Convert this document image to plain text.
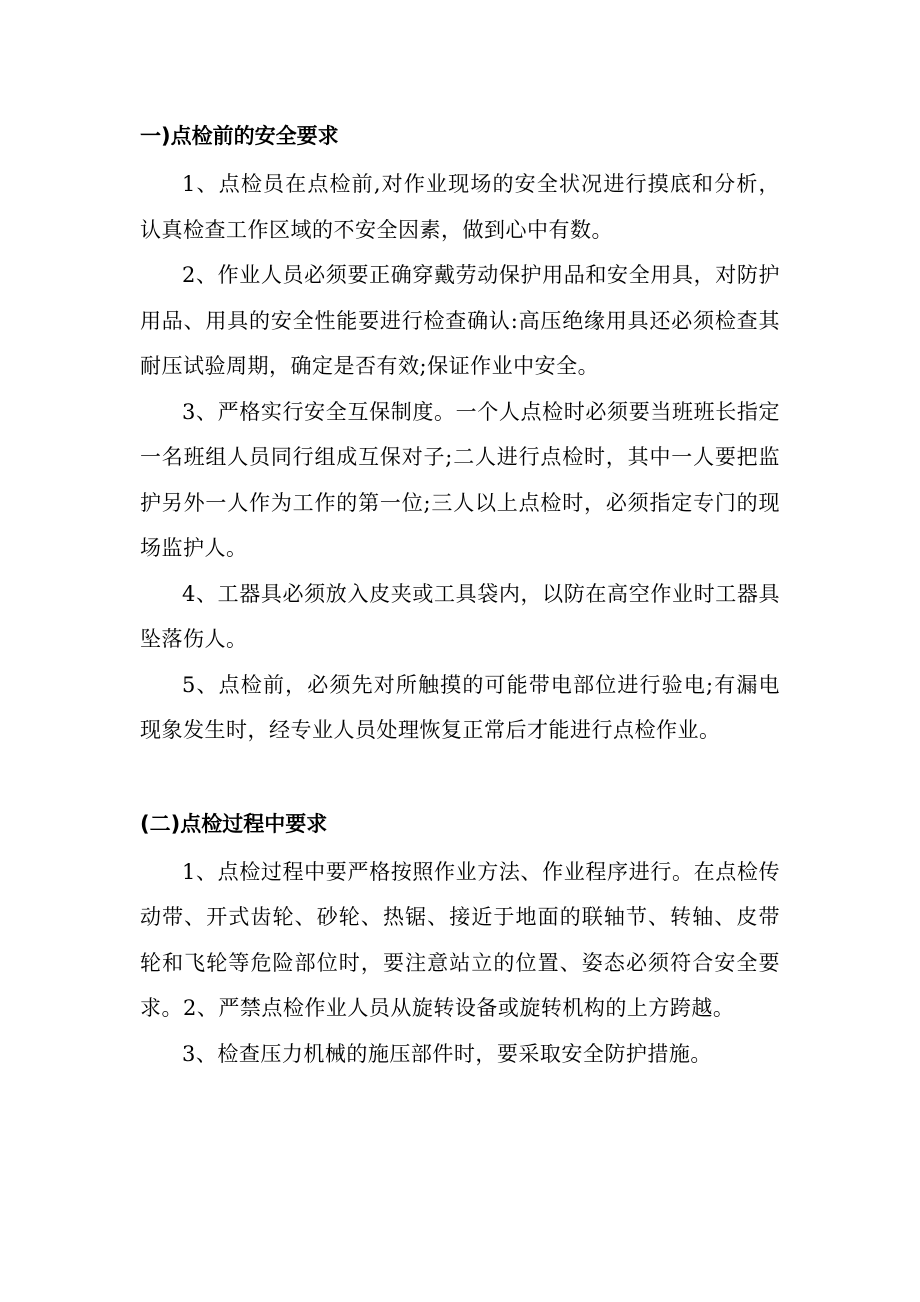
一)点检前的安全要求

1、点检员在点检前,对作业现场的安全状况进行摸底和分析，认真检查工作区域的不安全因素，做到心中有数。

2、作业人员必须要正确穿戴劳动保护用品和安全用具，对防护用品、用具的安全性能要进行检查确认:高压绝缘用具还必须检查其耐压试验周期，确定是否有效;保证作业中安全。

3、严格实行安全互保制度。一个人点检时必须要当班班长指定一名班组人员同行组成互保对子;二人进行点检时，其中一人要把监护另外一人作为工作的第一位;三人以上点检时，必须指定专门的现场监护人。

4、工器具必须放入皮夹或工具袋内，以防在高空作业时工器具坠落伤人。

5、点检前，必须先对所触摸的可能带电部位进行验电;有漏电现象发生时，经专业人员处理恢复正常后才能进行点检作业。

(二)点检过程中要求

1、点检过程中要严格按照作业方法、作业程序进行。在点检传动带、开式齿轮、砂轮、热锯、接近于地面的联轴节、转轴、皮带轮和飞轮等危险部位时，要注意站立的位置、姿态必须符合安全要求。2、严禁点检作业人员从旋转设备或旋转机构的上方跨越。

3、检查压力机械的施压部件时，要采取安全防护措施。
